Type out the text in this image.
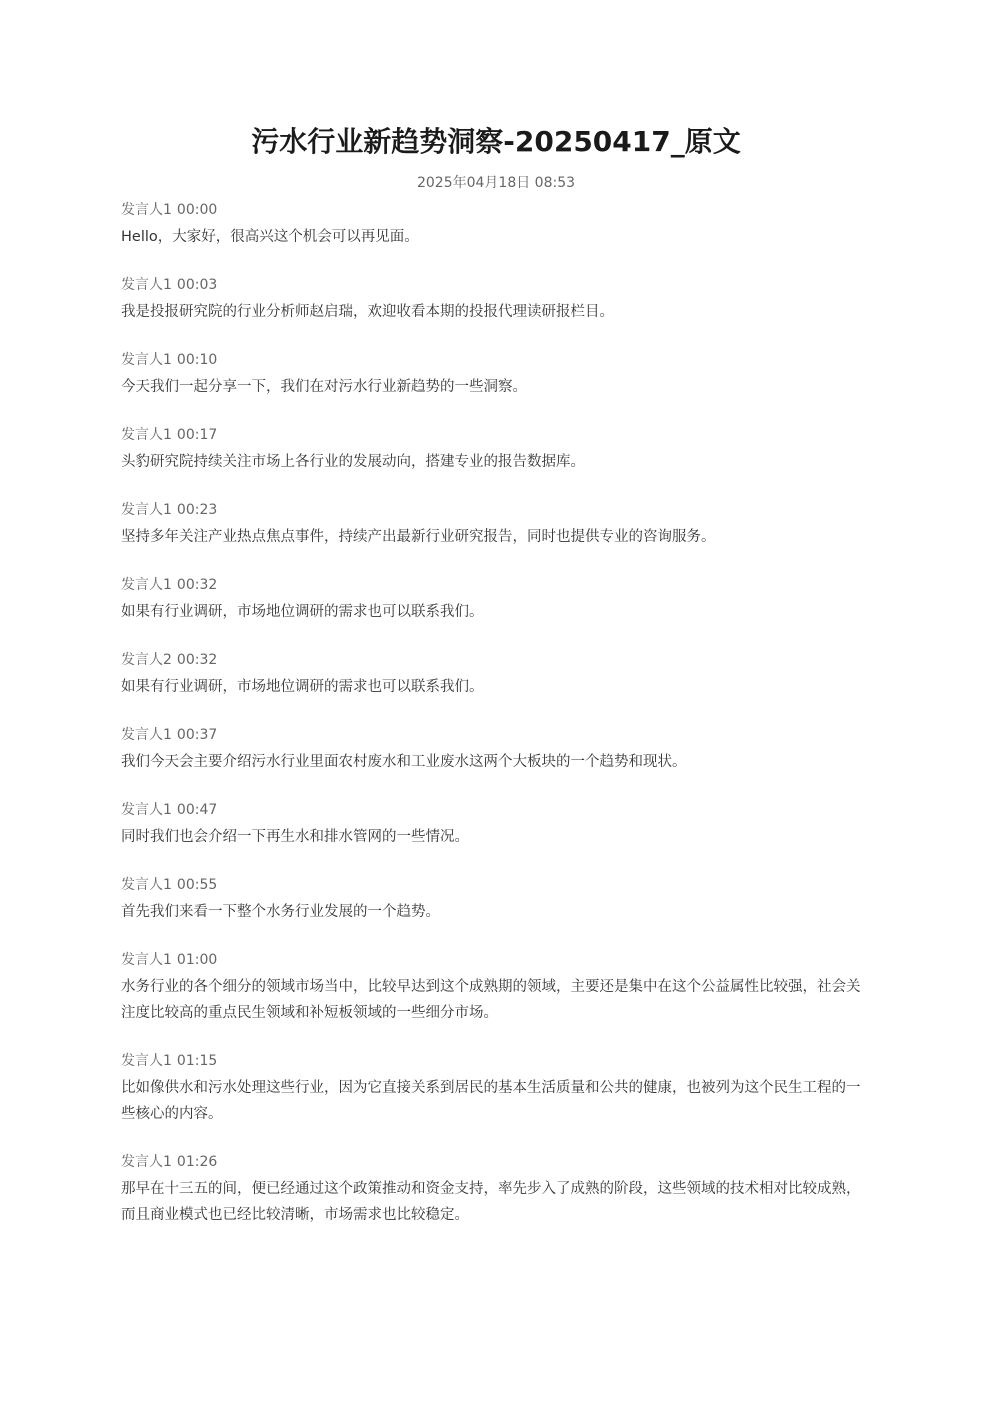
污水行业新趋势洞察-20250417_原文
2025年04月18日 08:53
发言人1 00:00
Hello，大家好，很高兴这个机会可以再见面。
发言人1 00:03
我是投报研究院的行业分析师赵启瑞，欢迎收看本期的投报代理读研报栏目。
发言人1 00:10
今天我们一起分享一下，我们在对污水行业新趋势的一些洞察。
发言人1 00:17
头豹研究院持续关注市场上各行业的发展动向，搭建专业的报告数据库。
发言人1 00:23
坚持多年关注产业热点焦点事件，持续产出最新行业研究报告，同时也提供专业的咨询服务。
发言人1 00:32
如果有行业调研，市场地位调研的需求也可以联系我们。
发言人2 00:32
如果有行业调研，市场地位调研的需求也可以联系我们。
发言人1 00:37
我们今天会主要介绍污水行业里面农村废水和工业废水这两个大板块的一个趋势和现状。
发言人1 00:47
同时我们也会介绍一下再生水和排水管网的一些情况。
发言人1 00:55
首先我们来看一下整个水务行业发展的一个趋势。
发言人1 01:00
水务行业的各个细分的领域市场当中，比较早达到这个成熟期的领域，主要还是集中在这个公益属性比较强，社会关注度比较高的重点民生领域和补短板领域的一些细分市场。
发言人1 01:15
比如像供水和污水处理这些行业，因为它直接关系到居民的基本生活质量和公共的健康，也被列为这个民生工程的一些核心的内容。
发言人1 01:26
那早在十三五的间，便已经通过这个政策推动和资金支持，率先步入了成熟的阶段，这些领域的技术相对比较成熟，而且商业模式也已经比较清晰，市场需求也比较稳定。
